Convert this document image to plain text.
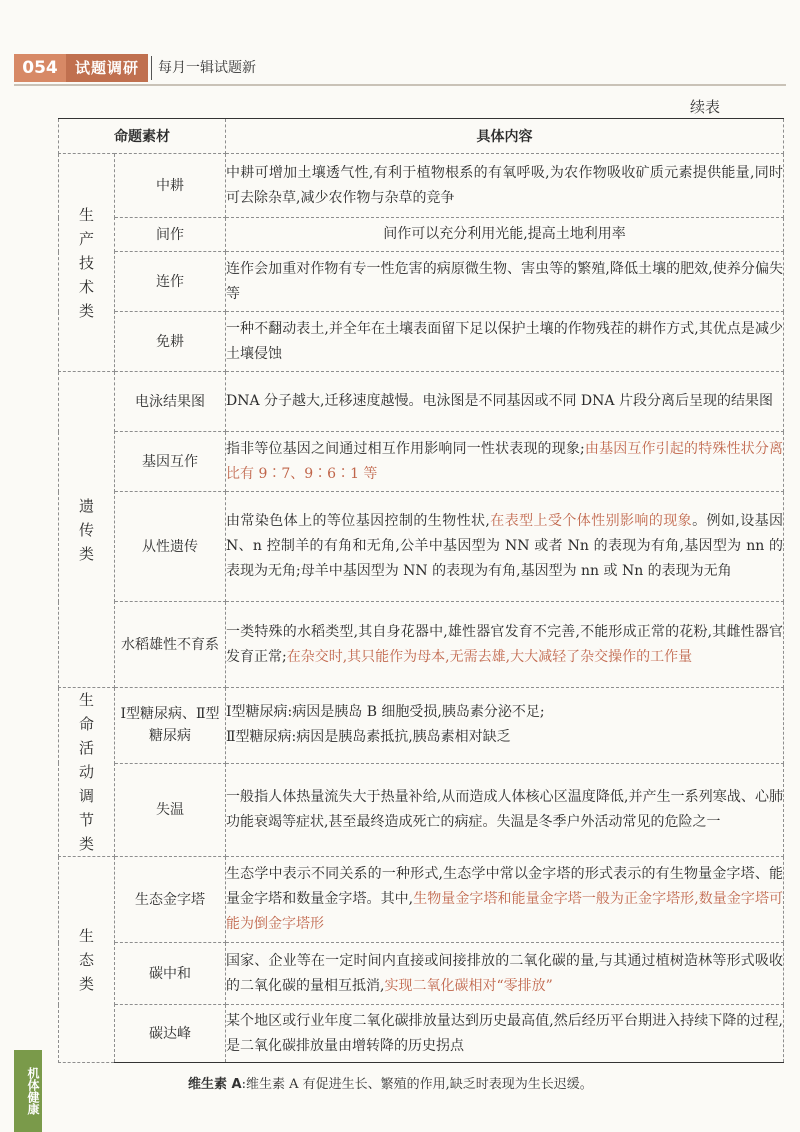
054	试题调研	每月一辑试题新
续表
命题素材		具体内容
生产技术类	中耕	中耕可增加土壤透气性,有利于植物根系的有氧呼吸,为农作物吸收矿质元素提供能量,同时可去除杂草,减少农作物与杂草的竞争
	间作	间作可以充分利用光能,提高土地利用率
	连作	连作会加重对作物有专一性危害的病原微生物、害虫等的繁殖,降低土壤的肥效,使养分偏失等
	免耕	一种不翻动表土,并全年在土壤表面留下足以保护土壤的作物残茬的耕作方式,其优点是减少土壤侵蚀
遗传类	电泳结果图	DNA 分子越大,迁移速度越慢。电泳图是不同基因或不同 DNA 片段分离后呈现的结果图
	基因互作	指非等位基因之间通过相互作用影响同一性状表现的现象;由基因互作引起的特殊性状分离比有 9∶7、9∶6∶1 等
	从性遗传	由常染色体上的等位基因控制的生物性状,在表型上受个体性别影响的现象。例如,设基因 N、n 控制羊的有角和无角,公羊中基因型为 NN 或者 Nn 的表现为有角,基因型为 nn 的表现为无角;母羊中基因型为 NN 的表现为有角,基因型为 nn 或 Nn 的表现为无角
	水稻雄性不育系	一类特殊的水稻类型,其自身花器中,雄性器官发育不完善,不能形成正常的花粉,其雌性器官发育正常;在杂交时,其只能作为母本,无需去雄,大大减轻了杂交操作的工作量
生命活动调节类	Ⅰ型糖尿病、Ⅱ型糖尿病	Ⅰ型糖尿病:病因是胰岛 B 细胞受损,胰岛素分泌不足;
Ⅱ型糖尿病:病因是胰岛素抵抗,胰岛素相对缺乏

	失温	一般指人体热量流失大于热量补给,从而造成人体核心区温度降低,并产生一系列寒战、心肺功能衰竭等症状,甚至最终造成死亡的病症。失温是冬季户外活动常见的危险之一
生态类	生态金字塔	生态学中表示不同关系的一种形式,生态学中常以金字塔的形式表示的有生物量金字塔、能量金字塔和数量金字塔。其中,生物量金字塔和能量金字塔一般为正金字塔形,数量金字塔可能为倒金字塔形
	碳中和	国家、企业等在一定时间内直接或间接排放的二氧化碳的量,与其通过植树造林等形式吸收的二氧化碳的量相互抵消,实现二氧化碳相对“零排放”
	碳达峰	某个地区或行业年度二氧化碳排放量达到历史最高值,然后经历平台期进入持续下降的过程,是二氧化碳排放量由增转降的历史拐点
机体健康	维生素 A:维生素 A 有促进生长、繁殖的作用,缺乏时表现为生长迟缓。
